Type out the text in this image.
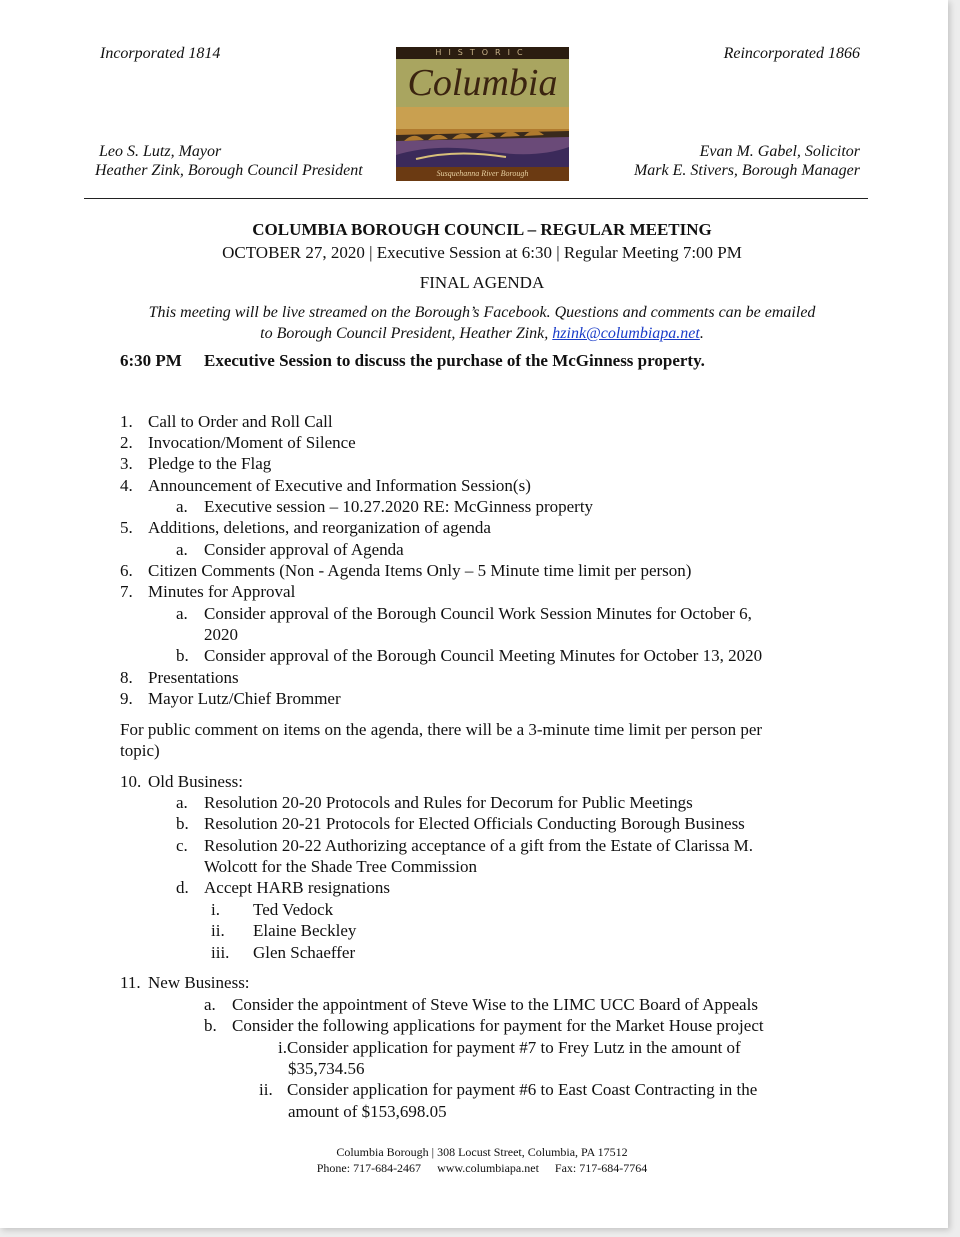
Incorporated 1814	Reincorporated 1866
HISTORIC
Columbia
Susquehanna River Borough
Leo S. Lutz, Mayor
Heather Zink, Borough Council President
Evan M. Gabel, Solicitor
Mark E. Stivers, Borough Manager
COLUMBIA BOROUGH COUNCIL – REGULAR MEETING
OCTOBER 27, 2020 | Executive Session at 6:30 | Regular Meeting 7:00 PM
FINAL AGENDA
This meeting will be live streamed on the Borough’s Facebook. Questions and comments can be emailed
to Borough Council President, Heather Zink, hzink@columbiapa.net.
6:30 PM Executive Session to discuss the purchase of the McGinness property.
1. Call to Order and Roll Call
2. Invocation/Moment of Silence
3. Pledge to the Flag
4. Announcement of Executive and Information Session(s)
a. Executive session – 10.27.2020 RE: McGinness property
5. Additions, deletions, and reorganization of agenda
a. Consider approval of Agenda
6. Citizen Comments (Non - Agenda Items Only – 5 Minute time limit per person)
7. Minutes for Approval
a. Consider approval of the Borough Council Work Session Minutes for October 6,
2020
b. Consider approval of the Borough Council Meeting Minutes for October 13, 2020
8. Presentations
9. Mayor Lutz/Chief Brommer
For public comment on items on the agenda, there will be a 3-minute time limit per person per
topic)
10. Old Business:
a. Resolution 20-20 Protocols and Rules for Decorum for Public Meetings
b. Resolution 20-21 Protocols for Elected Officials Conducting Borough Business
c. Resolution 20-22 Authorizing acceptance of a gift from the Estate of Clarissa M.
Wolcott for the Shade Tree Commission
d. Accept HARB resignations
i. Ted Vedock
ii. Elaine Beckley
iii. Glen Schaeffer
11. New Business:
a. Consider the appointment of Steve Wise to the LIMC UCC Board of Appeals
b. Consider the following applications for payment for the Market House project
i.Consider application for payment #7 to Frey Lutz in the amount of
$35,734.56
ii. Consider application for payment #6 to East Coast Contracting in the
amount of $153,698.05
Columbia Borough | 308 Locust Street, Columbia, PA 17512
Phone: 717-684-2467 www.columbiapa.net Fax: 717-684-7764
